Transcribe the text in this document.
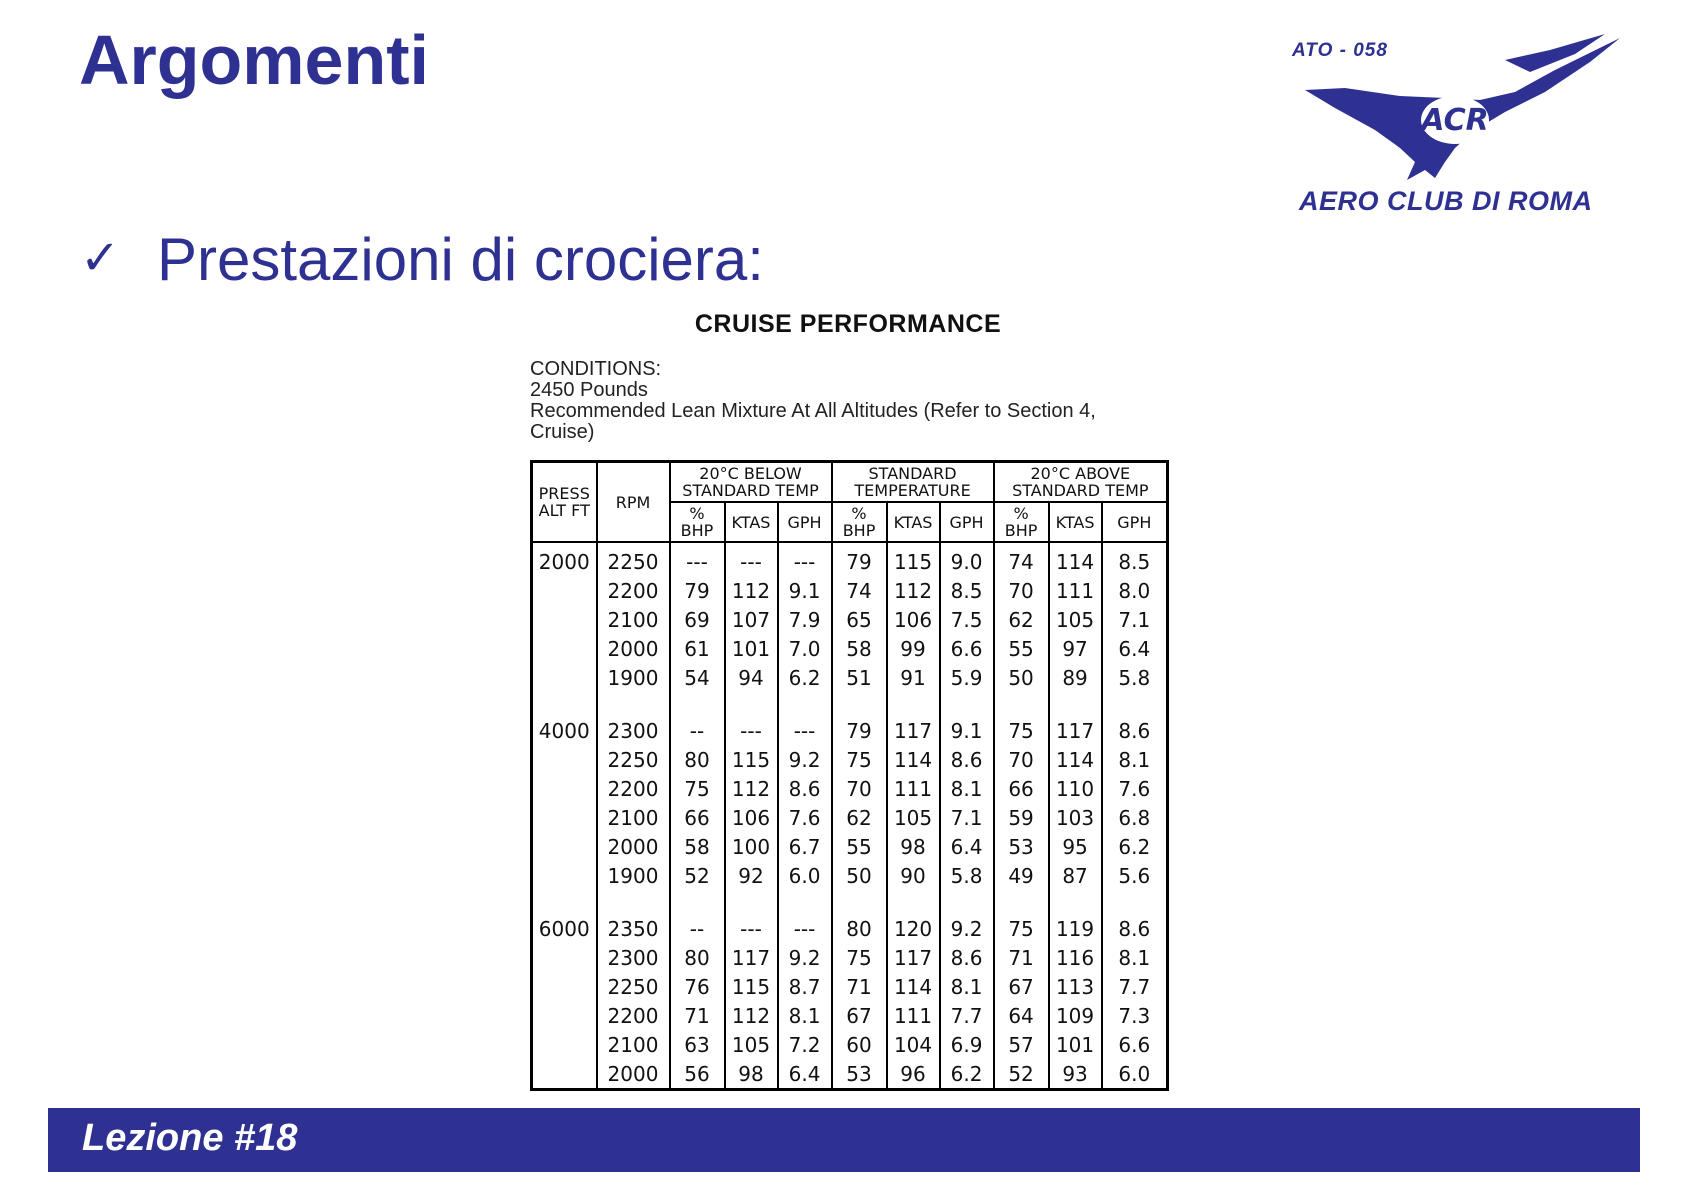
Argomenti	ATO - 058
ACR
AERO CLUB DI ROMA
✓ Prestazioni di crociera:
CRUISE PERFORMANCE
CONDITIONS:
2450 Pounds
Recommended Lean Mixture At All Altitudes (Refer to Section 4,
Cruise)
PRESS ALT FT	RPM	20°C BELOW STANDARD TEMP			STANDARD TEMPERATURE			20°C ABOVE STANDARD TEMP		
		% BHP	KTAS	GPH	% BHP	KTAS	GPH	% BHP	KTAS	GPH
2000	2250	---	---	---	79	115	9.0	74	114	8.5
	2200	79	112	9.1	74	112	8.5	70	111	8.0
	2100	69	107	7.9	65	106	7.5	62	105	7.1
	2000	61	101	7.0	58	99	6.6	55	97	6.4
	1900	54	94	6.2	51	91	5.9	50	89	5.8

4000	2300	--	---	---	79	117	9.1	75	117	8.6
	2250	80	115	9.2	75	114	8.6	70	114	8.1
	2200	75	112	8.6	70	111	8.1	66	110	7.6
	2100	66	106	7.6	62	105	7.1	59	103	6.8
	2000	58	100	6.7	55	98	6.4	53	95	6.2
	1900	52	92	6.0	50	90	5.8	49	87	5.6

6000	2350	--	---	---	80	120	9.2	75	119	8.6
	2300	80	117	9.2	75	117	8.6	71	116	8.1
	2250	76	115	8.7	71	114	8.1	67	113	7.7
	2200	71	112	8.1	67	111	7.7	64	109	7.3
	2100	63	105	7.2	60	104	6.9	57	101	6.6
	2000	56	98	6.4	53	96	6.2	52	93	6.0
Lezione #18
